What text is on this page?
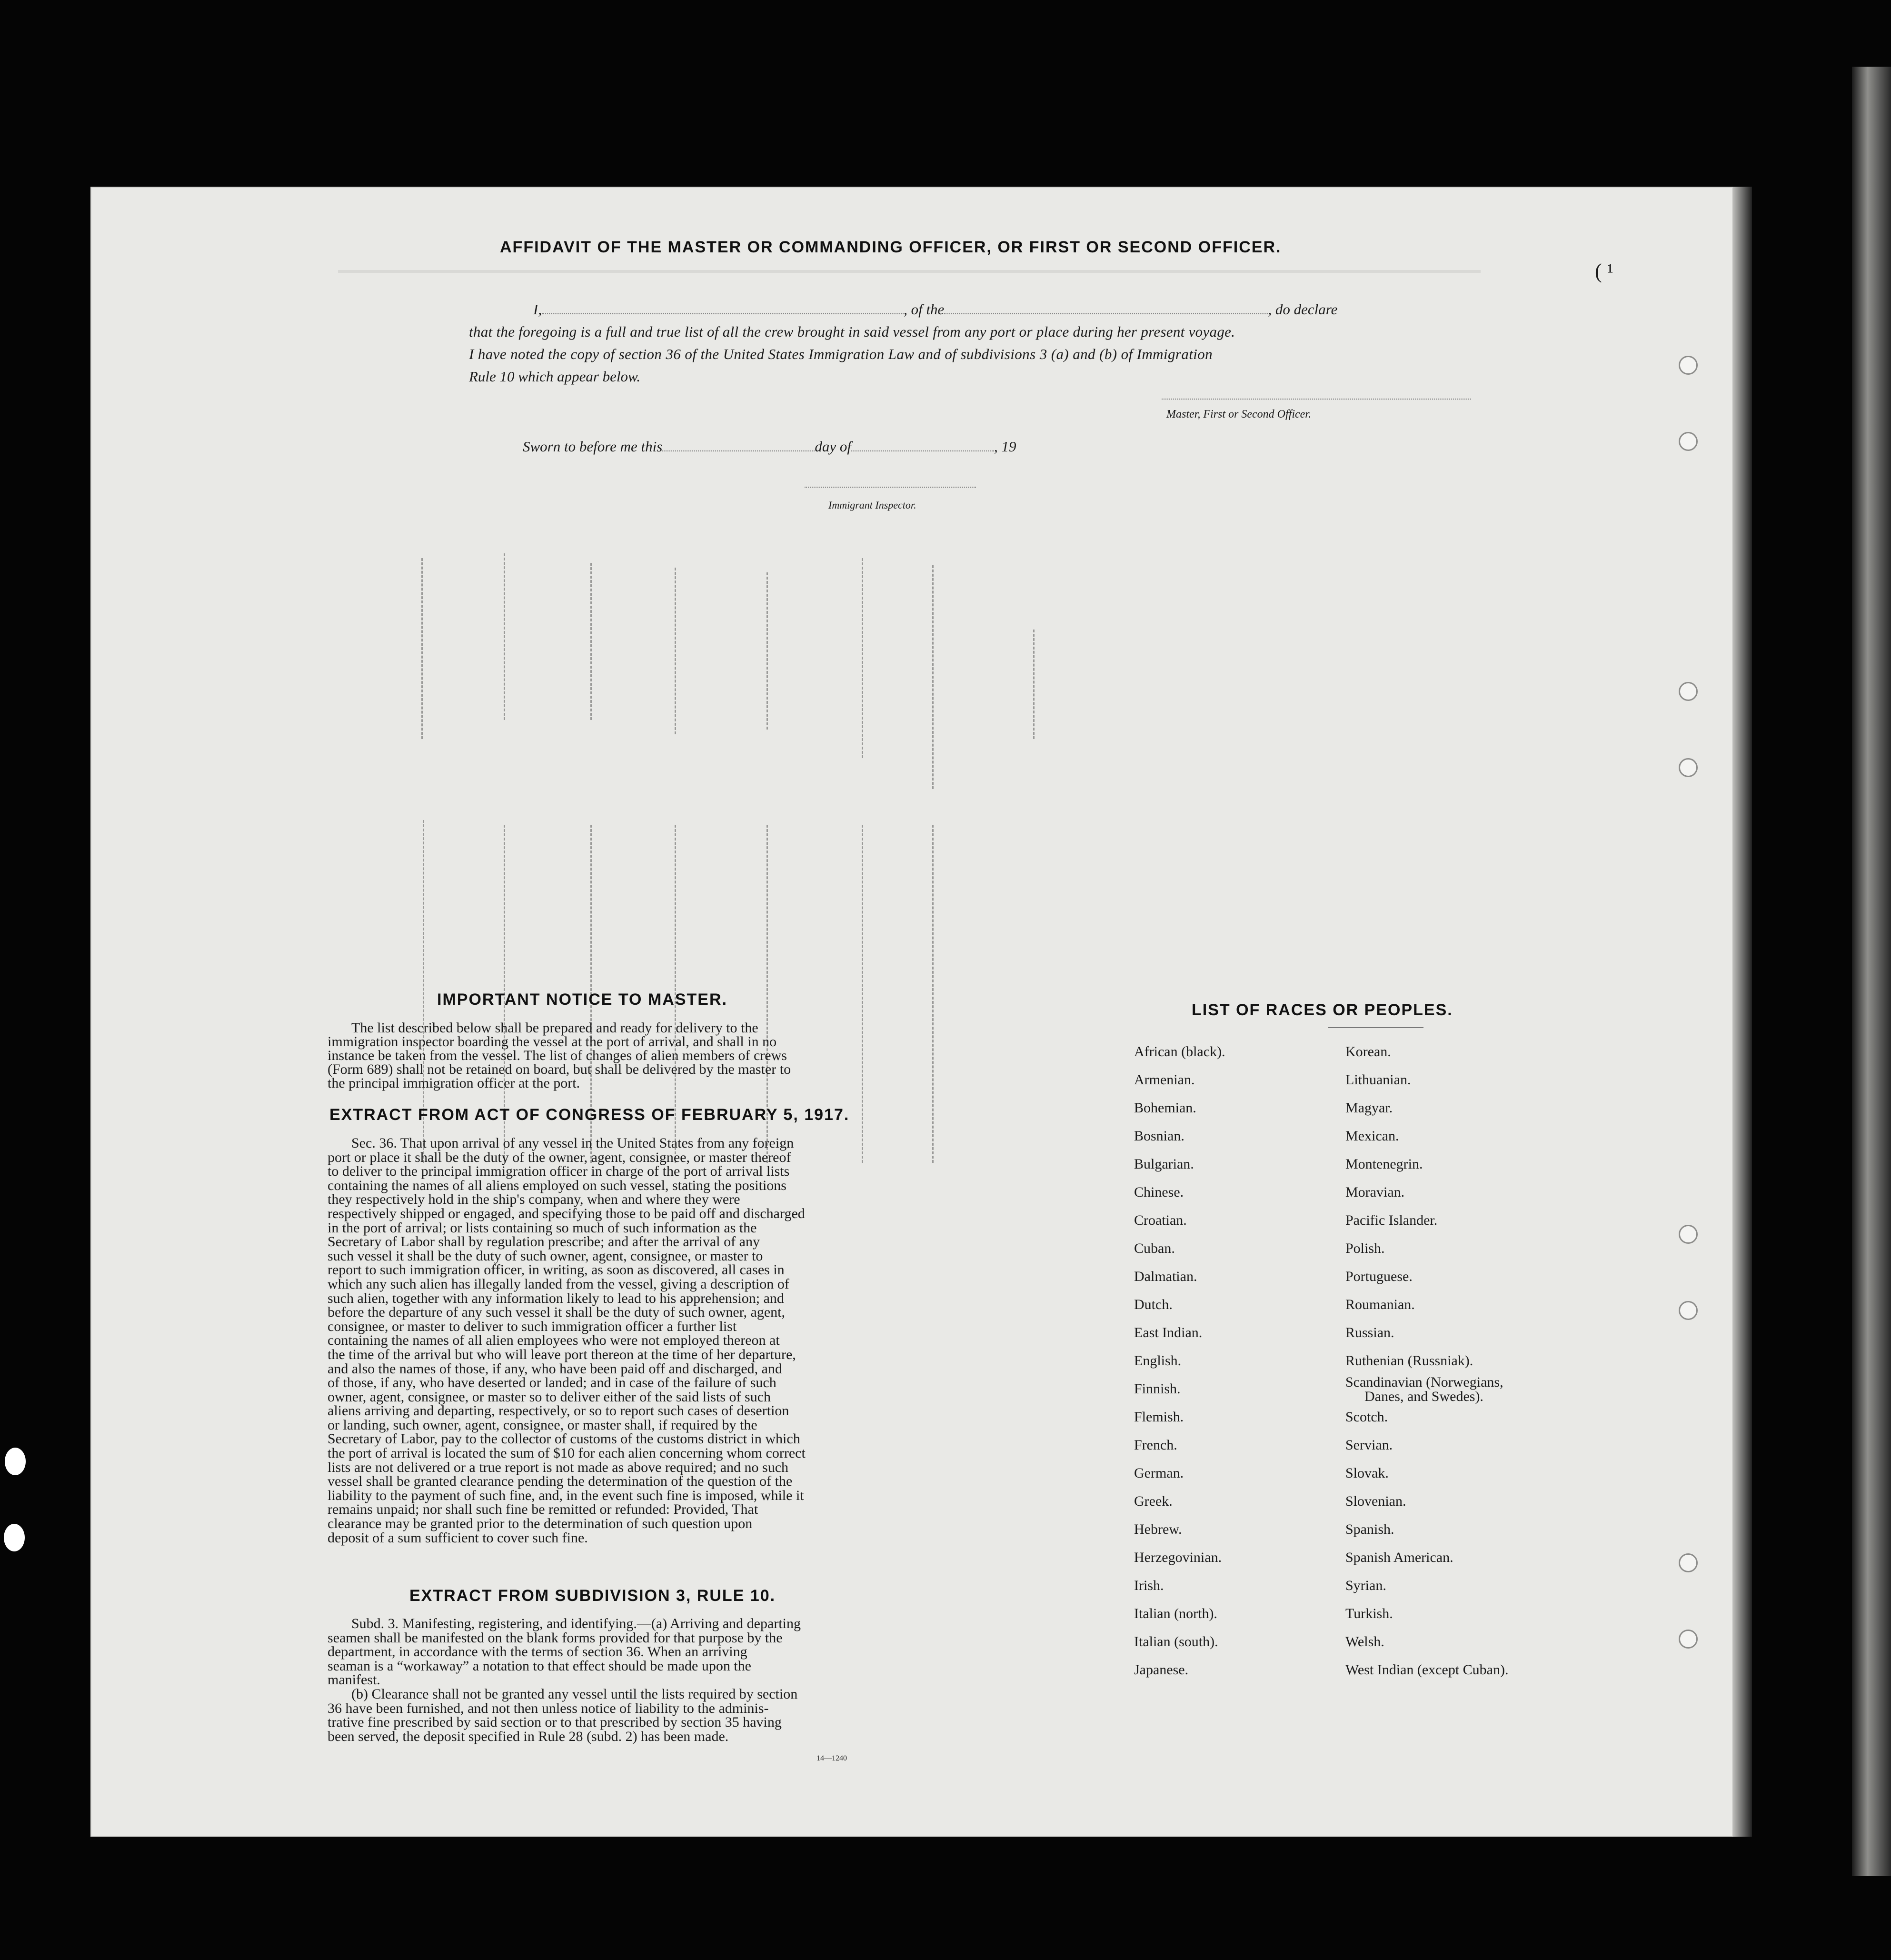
( ¹
AFFIDAVIT OF THE MASTER OR COMMANDING OFFICER, OR FIRST OR SECOND OFFICER.
I,	, of the	, do declare
that the foregoing is a full and true list of all the crew brought in said vessel from any port or place during her present voyage.
I have noted the copy of section 36 of the United States Immigration Law and of subdivisions 3 (a) and (b) of Immigration
Rule 10 which appear below.
Master, First or Second Officer.
Sworn to before me this	day of	, 19
Immigrant Inspector.
IMPORTANT NOTICE TO MASTER.
The list described below shall be prepared and ready for delivery to the
immigration inspector boarding the vessel at the port of arrival, and shall in no
instance be taken from the vessel. The list of changes of alien members of crews
(Form 689) shall not be retained on board, but shall be delivered by the master to
the principal immigration officer at the port.
EXTRACT FROM ACT OF CONGRESS OF FEBRUARY 5, 1917.
Sec. 36. That upon arrival of any vessel in the United States from any foreign
port or place it shall be the duty of the owner, agent, consignee, or master thereof
to deliver to the principal immigration officer in charge of the port of arrival lists
containing the names of all aliens employed on such vessel, stating the positions
they respectively hold in the ship's company, when and where they were
respectively shipped or engaged, and specifying those to be paid off and discharged
in the port of arrival; or lists containing so much of such information as the
Secretary of Labor shall by regulation prescribe; and after the arrival of any
such vessel it shall be the duty of such owner, agent, consignee, or master to
report to such immigration officer, in writing, as soon as discovered, all cases in
which any such alien has illegally landed from the vessel, giving a description of
such alien, together with any information likely to lead to his apprehension; and
before the departure of any such vessel it shall be the duty of such owner, agent,
consignee, or master to deliver to such immigration officer a further list
containing the names of all alien employees who were not employed thereon at
the time of the arrival but who will leave port thereon at the time of her departure,
and also the names of those, if any, who have been paid off and discharged, and
of those, if any, who have deserted or landed; and in case of the failure of such
owner, agent, consignee, or master so to deliver either of the said lists of such
aliens arriving and departing, respectively, or so to report such cases of desertion
or landing, such owner, agent, consignee, or master shall, if required by the
Secretary of Labor, pay to the collector of customs of the customs district in which
the port of arrival is located the sum of $10 for each alien concerning whom correct
lists are not delivered or a true report is not made as above required; and no such
vessel shall be granted clearance pending the determination of the question of the
liability to the payment of such fine, and, in the event such fine is imposed, while it
remains unpaid; nor shall such fine be remitted or refunded: Provided, That
clearance may be granted prior to the determination of such question upon
deposit of a sum sufficient to cover such fine.
EXTRACT FROM SUBDIVISION 3, RULE 10.
Subd. 3. Manifesting, registering, and identifying.—(a) Arriving and departing
seamen shall be manifested on the blank forms provided for that purpose by the
department, in accordance with the terms of section 36. When an arriving
seaman is a “workaway” a notation to that effect should be made upon the
manifest.
(b) Clearance shall not be granted any vessel until the lists required by section
36 have been furnished, and not then unless notice of liability to the adminis-
trative fine prescribed by said section or to that prescribed by section 35 having
been served, the deposit specified in Rule 28 (subd. 2) has been made.
14—1240
LIST OF RACES OR PEOPLES.
African (black).
Armenian.
Bohemian.
Bosnian.
Bulgarian.
Chinese.
Croatian.
Cuban.
Dalmatian.
Dutch.
East Indian.
English.
Finnish.
Flemish.
French.
German.
Greek.
Hebrew.
Herzegovinian.
Irish.
Italian (north).
Italian (south).
Japanese.
Korean.
Lithuanian.
Magyar.
Mexican.
Montenegrin.
Moravian.
Pacific Islander.
Polish.
Portuguese.
Roumanian.
Russian.
Ruthenian (Russniak).
Scandinavian (Norwegians,
Danes, and Swedes).
Scotch.
Servian.
Slovak.
Slovenian.
Spanish.
Spanish American.
Syrian.
Turkish.
Welsh.
West Indian (except Cuban).
